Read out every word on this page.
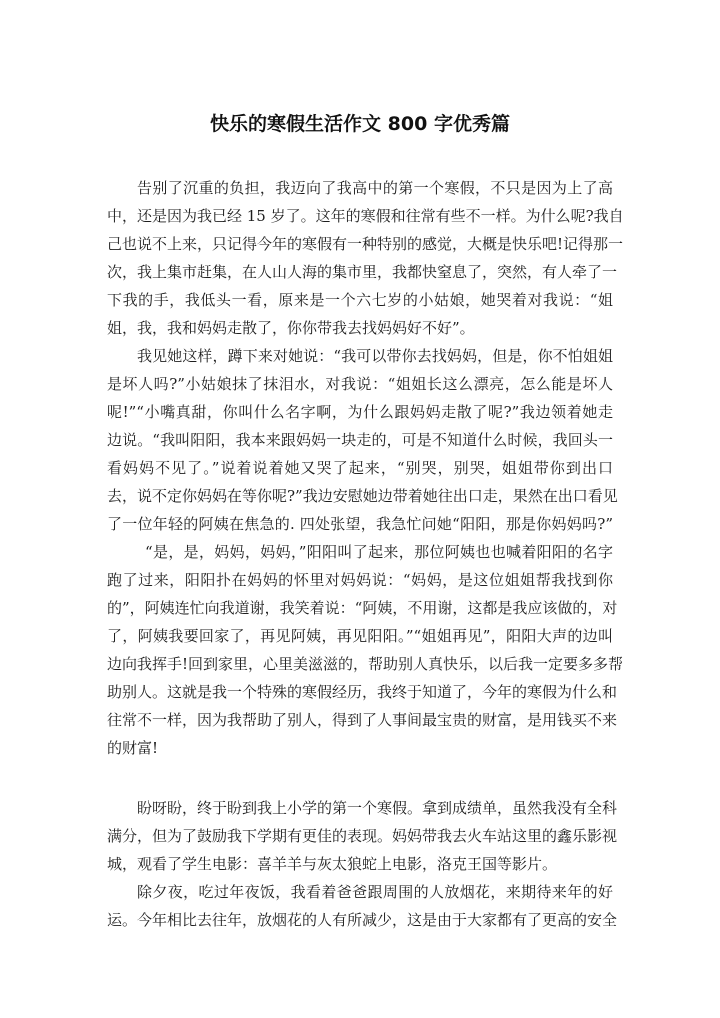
快乐的寒假生活作文 800 字优秀篇
告别了沉重的负担，我迈向了我高中的第一个寒假，不只是因为上了高
中，还是因为我已经 15 岁了。这年的寒假和往常有些不一样。为什么呢?我自
己也说不上来，只记得今年的寒假有一种特别的感觉，大概是快乐吧!记得那一
次，我上集市赶集，在人山人海的集市里，我都快窒息了，突然，有人牵了一
下我的手，我低头一看，原来是一个六七岁的小姑娘，她哭着对我说：“姐
姐，我，我和妈妈走散了，你你带我去找妈妈好不好”。
我见她这样，蹲下来对她说：“我可以带你去找妈妈，但是，你不怕姐姐
是坏人吗?”小姑娘抹了抹泪水，对我说：“姐姐长这么漂亮，怎么能是坏人
呢!”“小嘴真甜，你叫什么名字啊，为什么跟妈妈走散了呢?”我边领着她走
边说。“我叫阳阳，我本来跟妈妈一块走的，可是不知道什么时候，我回头一
看妈妈不见了。”说着说着她又哭了起来，“别哭，别哭，姐姐带你到出口
去，说不定你妈妈在等你呢?”我边安慰她边带着她往出口走，果然在出口看见
了一位年轻的阿姨在焦急的. 四处张望，我急忙问她“阳阳，那是你妈妈吗?”
“是，是，妈妈，妈妈，”阳阳叫了起来，那位阿姨也也喊着阳阳的名字
跑了过来，阳阳扑在妈妈的怀里对妈妈说：“妈妈，是这位姐姐帮我找到你
的”，阿姨连忙向我道谢，我笑着说：“阿姨，不用谢，这都是我应该做的，对
了，阿姨我要回家了，再见阿姨，再见阳阳。”“姐姐再见”，阳阳大声的边叫
边向我挥手!回到家里，心里美滋滋的，帮助别人真快乐，以后我一定要多多帮
助别人。这就是我一个特殊的寒假经历，我终于知道了，今年的寒假为什么和
往常不一样，因为我帮助了别人，得到了人事间最宝贵的财富，是用钱买不来
的财富!
盼呀盼，终于盼到我上小学的第一个寒假。拿到成绩单，虽然我没有全科
满分，但为了鼓励我下学期有更佳的表现。妈妈带我去火车站这里的鑫乐影视
城，观看了学生电影：喜羊羊与灰太狼蛇上电影，洛克王国等影片。
除夕夜，吃过年夜饭，我看着爸爸跟周围的人放烟花，来期待来年的好
运。今年相比去往年，放烟花的人有所减少，这是由于大家都有了更高的安全
